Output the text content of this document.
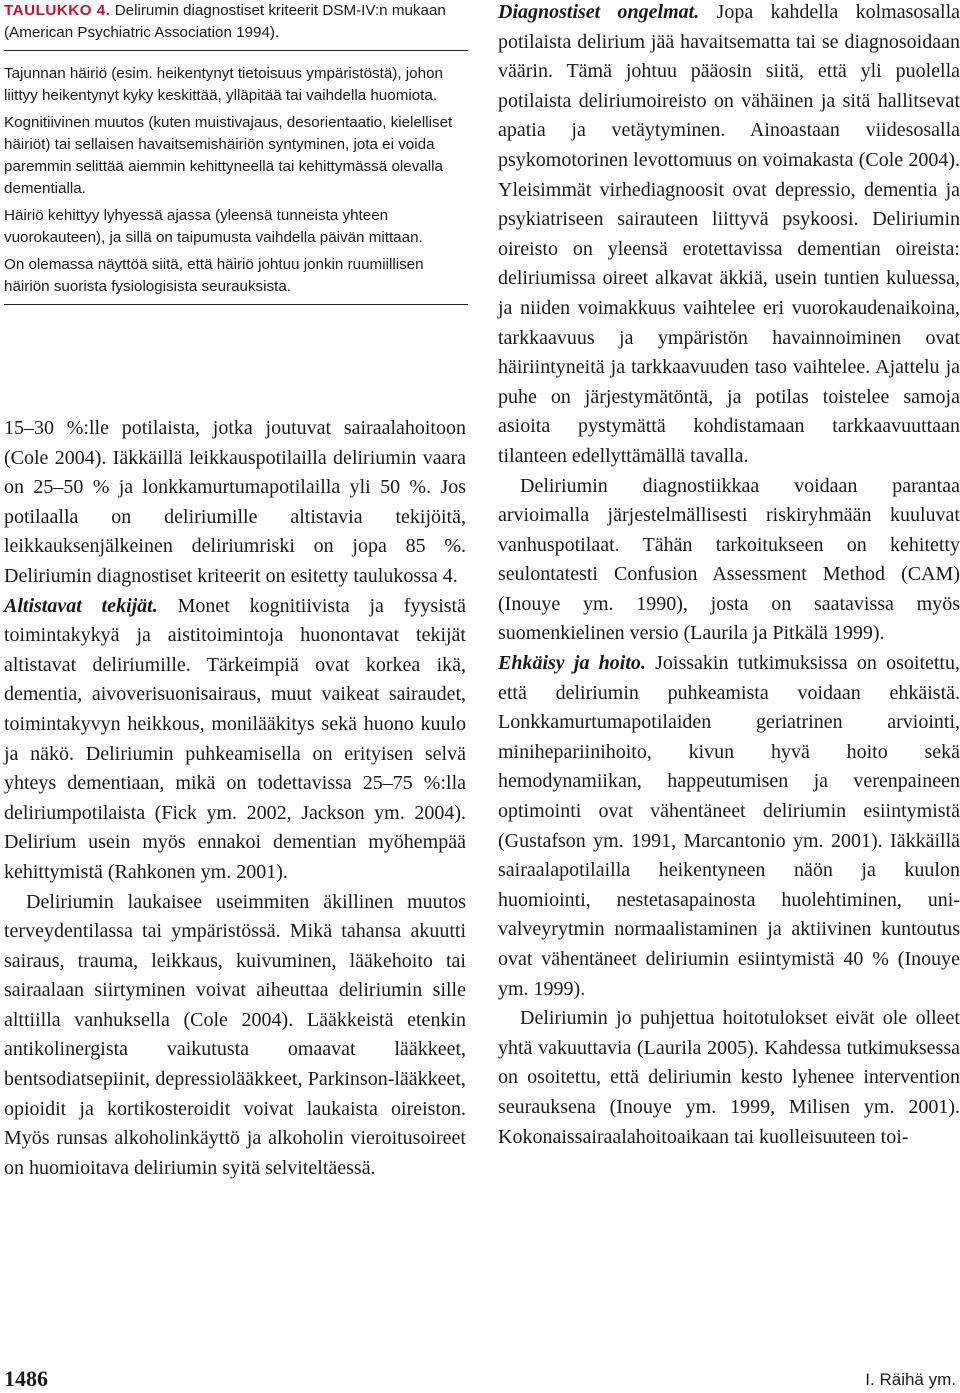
TAULUKKO 4. Delirumin diagnostiset kriteerit DSM-IV:n mukaan (American Psychiatric Association 1994).

Tajunnan häiriö (esim. heikentynyt tietoisuus ympäristöstä), johon liittyy heikentynyt kyky keskittää, ylläpitää tai vaihdella huomiota.

Kognitiivinen muutos (kuten muistivajaus, desorientaatio, kielelliset häiriöt) tai sellaisen havaitsemishäiriön syntyminen, jota ei voida paremmin selittää aiemmin kehittyneellä tai kehittymässä olevalla dementialla.

Häiriö kehittyy lyhyessä ajassa (yleensä tunneista yhteen vuorokauteen), ja sillä on taipumusta vaihdella päivän mittaan.

On olemassa näyttöä siitä, että häiriö johtuu jonkin ruumiillisen häiriön suorista fysiologisista seurauksista.

15–30 %:lle potilaista, jotka joutuvat sairaalahoitoon (Cole 2004). Iäkkäillä leikkauspotilailla deliriumin vaara on 25–50 % ja lonkkamurtumapotilailla yli 50 %. Jos potilaalla on deliriumille altistavia tekijöitä, leikkauksenjälkeinen deliriumriski on jopa 85 %. Deliriumin diagnostiset kriteerit on esitetty taulukossa 4.

Altistavat tekijät. Monet kognitiivista ja fyysistä toimintakykyä ja aistitoimintoja huonontavat tekijät altistavat deliriumille. Tärkeimpiä ovat korkea ikä, dementia, aivoverisuonisairaus, muut vaikeat sairaudet, toimintakyvyn heikkous, monilääkitys sekä huono kuulo ja näkö. Deliriumin puhkeamisella on erityisen selvä yhteys dementiaan, mikä on todettavissa 25–75 %:lla deliriumpotilaista (Fick ym. 2002, Jackson ym. 2004). Delirium usein myös ennakoi dementian myöhempää kehittymistä (Rahkonen ym. 2001).

Deliriumin laukaisee useimmiten äkillinen muutos terveydentilassa tai ympäristössä. Mikä tahansa akuutti sairaus, trauma, leikkaus, kuivuminen, lääkehoito tai sairaalaan siirtyminen voivat aiheuttaa deliriumin sille alttiilla vanhuksella (Cole 2004). Lääkkeistä etenkin antikolinergista vaikutusta omaavat lääkkeet, bentsodiatsepiinit, depressiolääkkeet, Parkinson-lääkkeet, opioidit ja kortikosteroidit voivat laukaista oireiston. Myös runsas alkoholinkäyttö ja alkoholin vieroitusoireet on huomioitava deliriumin syitä selviteltäessä.

Diagnostiset ongelmat. Jopa kahdella kolmasosalla potilaista delirium jää havaitsematta tai se diagnosoidaan väärin. Tämä johtuu pääosin siitä, että yli puolella potilaista deliriumoireisto on vähäinen ja sitä hallitsevat apatia ja vetäytyminen. Ainoastaan viidesosalla psykomotorinen levottomuus on voimakasta (Cole 2004). Yleisimmät virhediagnoosit ovat depressio, dementia ja psykiatriseen sairauteen liittyvä psykoosi. Deliriumin oireisto on yleensä erotettavissa dementian oireista: deliriumissa oireet alkavat äkkiä, usein tuntien kuluessa, ja niiden voimakkuus vaihtelee eri vuorokaudenaikoina, tarkkaavuus ja ympäristön havainnoiminen ovat häiriintyneitä ja tarkkaavuuden taso vaihtelee. Ajattelu ja puhe on järjestymätöntä, ja potilas toistelee samoja asioita pystymättä kohdistamaan tarkkaavuuttaan tilanteen edellyttämällä tavalla.

Deliriumin diagnostiikkaa voidaan parantaa arvioimalla järjestelmällisesti riskiryhmään kuuluvat vanhuspotilaat. Tähän tarkoitukseen on kehitetty seulontatesti Confusion Assessment Method (CAM) (Inouye ym. 1990), josta on saatavissa myös suomenkielinen versio (Laurila ja Pitkälä 1999).

Ehkäisy ja hoito. Joissakin tutkimuksissa on osoitettu, että deliriumin puhkeamista voidaan ehkäistä. Lonkkamurtumapotilaiden geriatrinen arviointi, minihepariinihoito, kivun hyvä hoito sekä hemodynamiikan, happeutumisen ja verenpaineen optimointi ovat vähentäneet deliriumin esiintymistä (Gustafson ym. 1991, Marcantonio ym. 2001). Iäkkäillä sairaalapotilailla heikentyneen näön ja kuulon huomiointi, nestetasapainosta huolehtiminen, uni-valveyrytmin normaalistaminen ja aktiivinen kuntoutus ovat vähentäneet deliriumin esiintymistä 40 % (Inouye ym. 1999).

Deliriumin jo puhjettua hoitotulokset eivät ole olleet yhtä vakuuttavia (Laurila 2005). Kahdessa tutkimuksessa on osoitettu, että deliriumin kesto lyhenee intervention seurauksena (Inouye ym. 1999, Milisen ym. 2001). Kokonaissairaalahoitoaikaan tai kuolleisuuteen toi-

1486	I. Räihä ym.
